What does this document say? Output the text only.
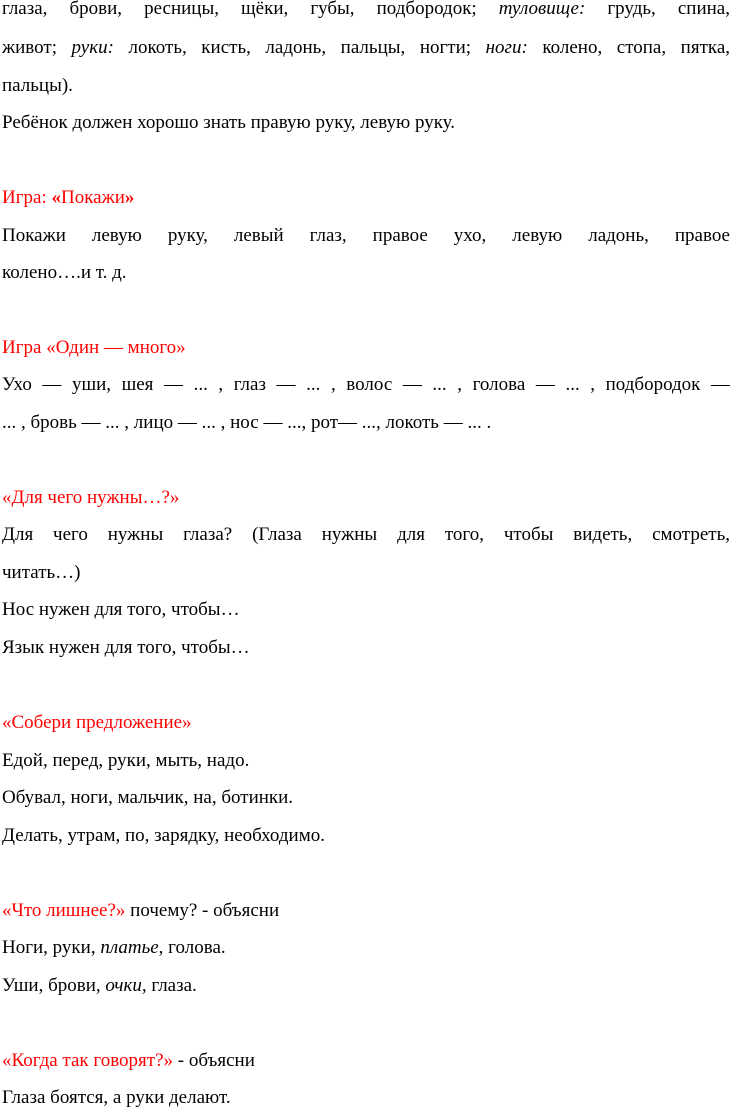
глаза, брови, ресницы, щёки, губы, подбородок; туловище: грудь, спина,
живот; руки: локоть, кисть, ладонь, пальцы, ногти; ноги: колено, стопа, пятка,
пальцы).
Ребёнок должен хорошо знать правую руку, левую руку.
Игра: «Покажи»
Покажи левую руку, левый глаз, правое ухо, левую ладонь, правое
колено….и т. д.
Игра «Один — много»
Ухо — уши, шея — ... , глаз — ... , волос — ... , голова — ... , подбородок —
... , бровь — ... , лицо — ... , нос — ..., рот— ..., локоть — ... .
«Для чего нужны…?»
Для чего нужны глаза? (Глаза нужны для того, чтобы видеть, смотреть,
читать…)
Нос нужен для того, чтобы…
Язык нужен для того, чтобы…
«Собери предложение»
Едой, перед, руки, мыть, надо.
Обувал, ноги, мальчик, на, ботинки.
Делать, утрам, по, зарядку, необходимо.
«Что лишнее?» почему? - объясни
Ноги, руки, платье, голова.
Уши, брови, очки, глаза.
«Когда так говорят?» - объясни
Глаза боятся, а руки делают.
